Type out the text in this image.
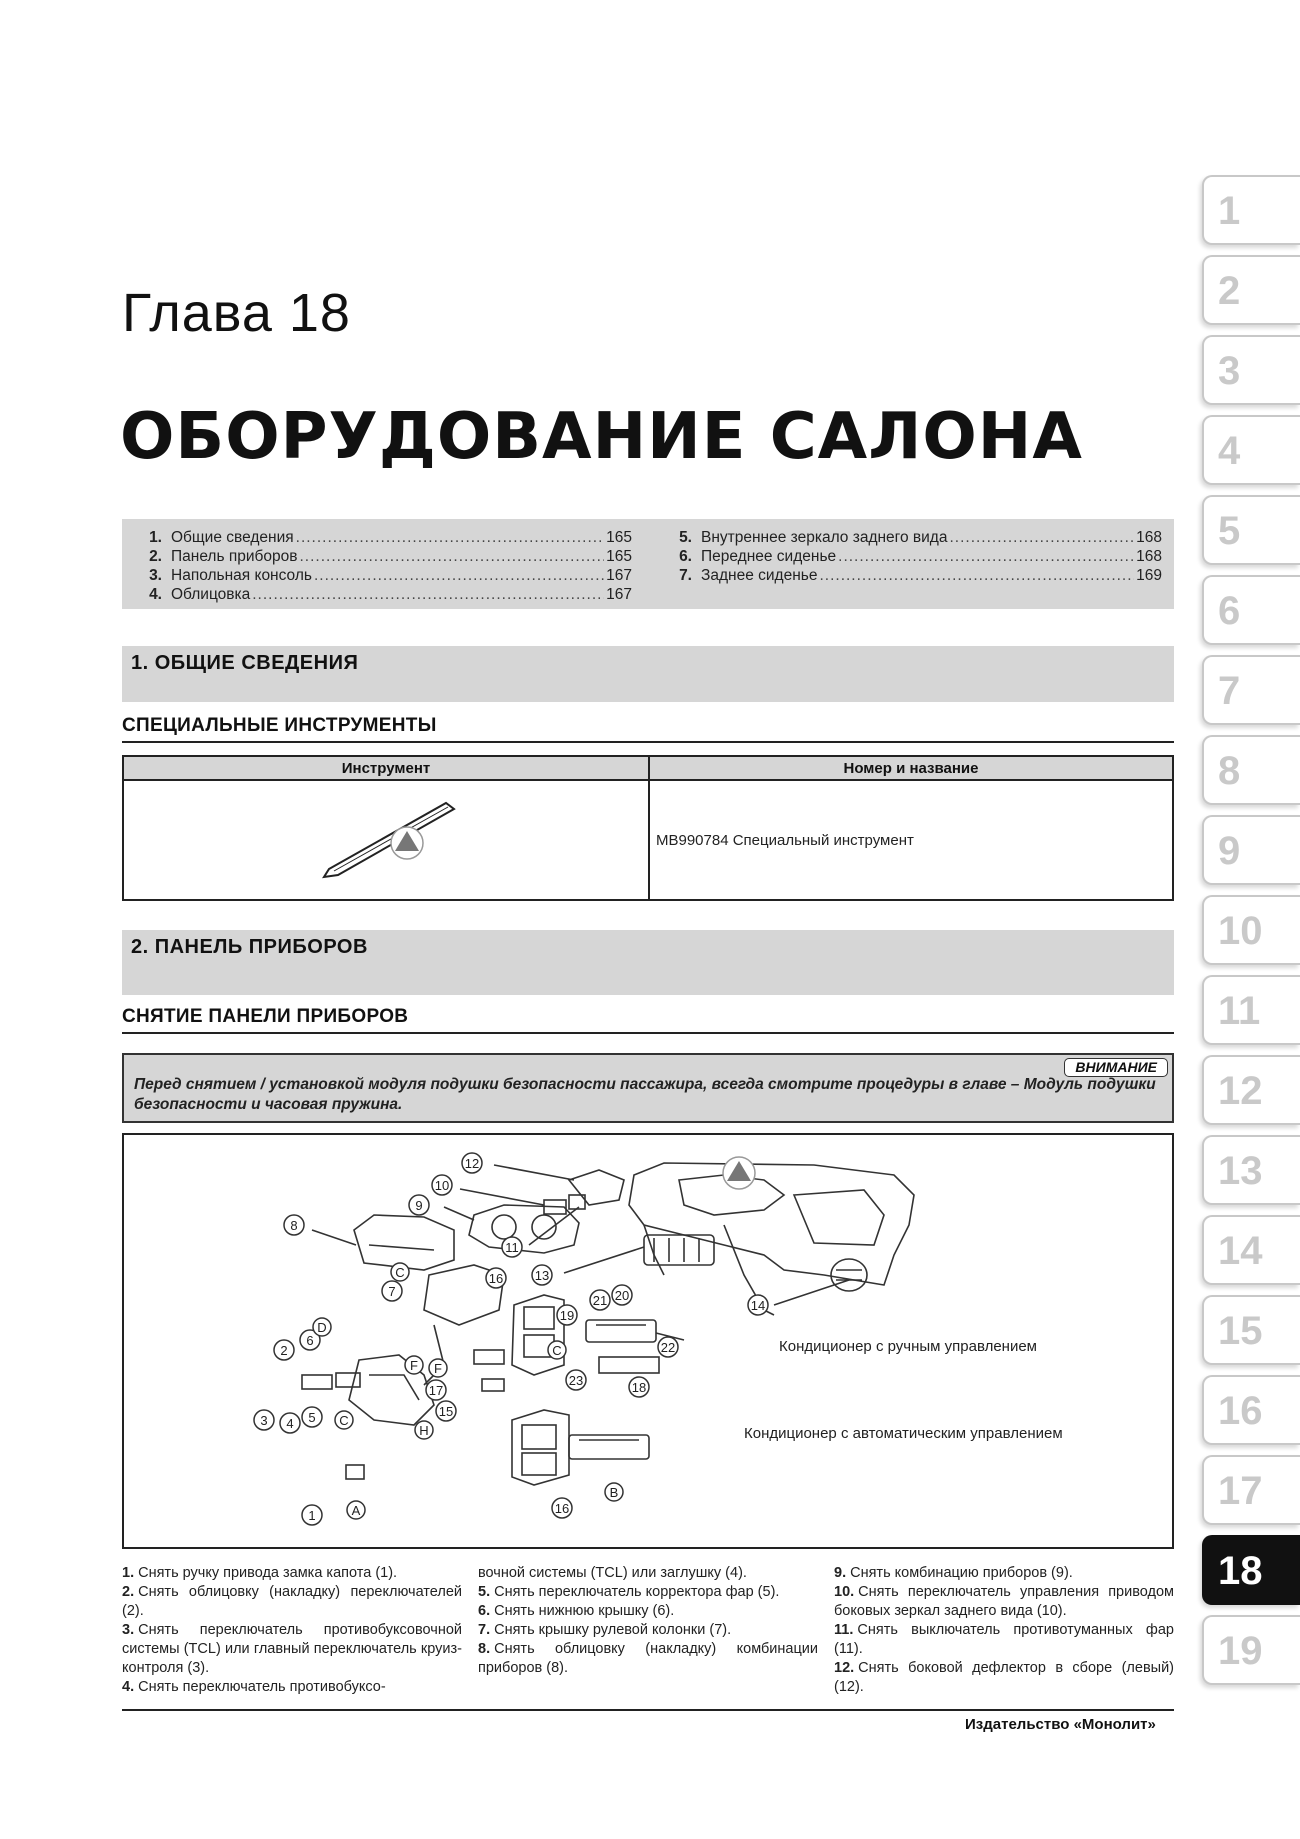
Глава 18
ОБОРУДОВАНИЕ САЛОНА
1. Общие сведения .....	165
2. Панель приборов .....	165
3. Напольная консоль .....	167
4. Облицовка .....	167
5. Внутреннее зеркало заднего вида .....	168
6. Переднее сиденье .....	168
7. Заднее сиденье .....	169
1. ОБЩИЕ СВЕДЕНИЯ
СПЕЦИАЛЬНЫЕ ИНСТРУМЕНТЫ
Инструмент	Номер и название
MB990784 Специальный инструмент
2. ПАНЕЛЬ ПРИБОРОВ
СНЯТИЕ ПАНЕЛИ ПРИБОРОВ
ВНИМАНИЕ
Перед снятием / установкой модуля подушки безопасности пассажира, всегда смотрите процедуры в главе – Модуль подушки безопасности и часовая пружина.
1
2
3 4 5
6
7
8
9
10
11
12
13
14
15
16
17	18
19
20
21
22
23
16
A
B
C
C
C
D
F F
H
Кондиционер с ручным управлением
Кондиционер с автоматическим управлением
1. Снять ручку привода замка капота (1).
2. Снять облицовку (накладку) переключателей (2).
3. Снять переключатель противобуксовочной системы (TCL) или главный переключатель круиз-контроля (3).
4. Снять переключатель противобуксо-
вочной системы (TCL) или заглушку (4).
5. Снять переключатель корректора фар (5).
6. Снять нижнюю крышку (6).
7. Снять крышку рулевой колонки (7).
8. Снять облицовку (накладку) комбинации приборов (8).
9. Снять комбинацию приборов (9).
10. Снять переключатель управления приводом боковых зеркал заднего вида (10).
11. Снять выключатель противотуманных фар (11).
12. Снять боковой дефлектор в сборе (левый) (12).
Издательство «Монолит»
1
2
3
4
5
6
7
8
9
10
11
12
13
14
15
16
17
18
19
